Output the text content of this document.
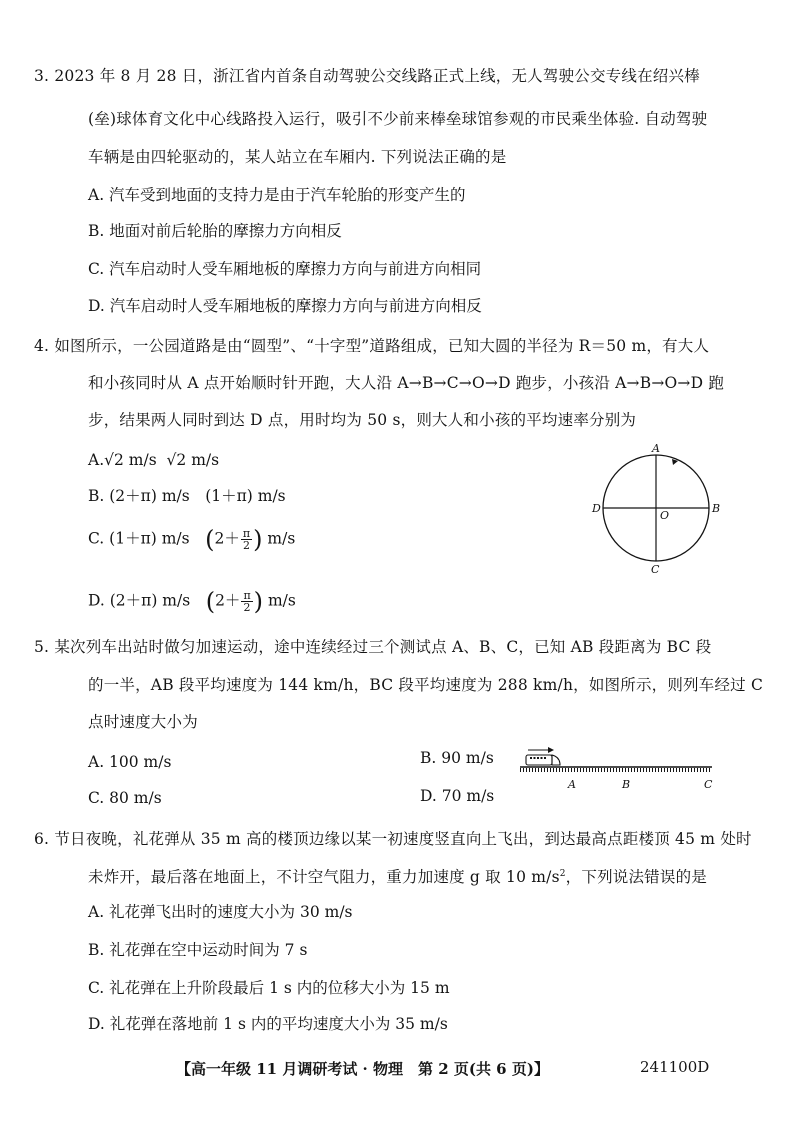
3. 2023 年 8 月 28 日，浙江省内首条自动驾驶公交线路正式上线，无人驾驶公交专线在绍兴棒
(垒)球体育文化中心线路投入运行，吸引不少前来棒垒球馆参观的市民乘坐体验. 自动驾驶
车辆是由四轮驱动的，某人站立在车厢内. 下列说法正确的是
A. 汽车受到地面的支持力是由于汽车轮胎的形变产生的
B. 地面对前后轮胎的摩擦力方向相反
C. 汽车启动时人受车厢地板的摩擦力方向与前进方向相同
D. 汽车启动时人受车厢地板的摩擦力方向与前进方向相反
4. 如图所示，一公园道路是由“圆型”、“十字型”道路组成，已知大圆的半径为 R＝50 m，有大人
和小孩同时从 A 点开始顺时针开跑，大人沿 A→B→C→O→D 跑步，小孩沿 A→B→O→D 跑
步，结果两人同时到达 D 点，用时均为 50 s，则大人和小孩的平均速率分别为
A.√2 m/s √2 m/s
B. (2＋π) m/s　(1＋π) m/s
C. (1＋π) m/s　($2+ \frac{\pi}{2}$ ) m/s
D. (2＋π) m/s　($2+ \frac{\pi}{2}$ ) m/s
A
B
C
D
O
5. 某次列车出站时做匀加速运动，途中连续经过三个测试点 A、B、C，已知 AB 段距离为 BC 段
的一半，AB 段平均速度为 144 km/h，BC 段平均速度为 288 km/h，如图所示，则列车经过 C
点时速度大小为
A. 100 m/s	B. 90 m/s
C. 80 m/s	D. 70 m/s
A	B	C
6. 节日夜晚，礼花弹从 35 m 高的楼顶边缘以某一初速度竖直向上飞出，到达最高点距楼顶 45 m 处时
未炸开，最后落在地面上，不计空气阻力，重力加速度 g 取 10 $m/s^2$，下列说法错误的是
A. 礼花弹飞出时的速度大小为 30 m/s
B. 礼花弹在空中运动时间为 7 s
C. 礼花弹在上升阶段最后 1 s 内的位移大小为 15 m
D. 礼花弹在落地前 1 s 内的平均速度大小为 35 m/s
【高一年级 11 月调研考试 · 物理　第 2 页(共 6 页)】	241100D
